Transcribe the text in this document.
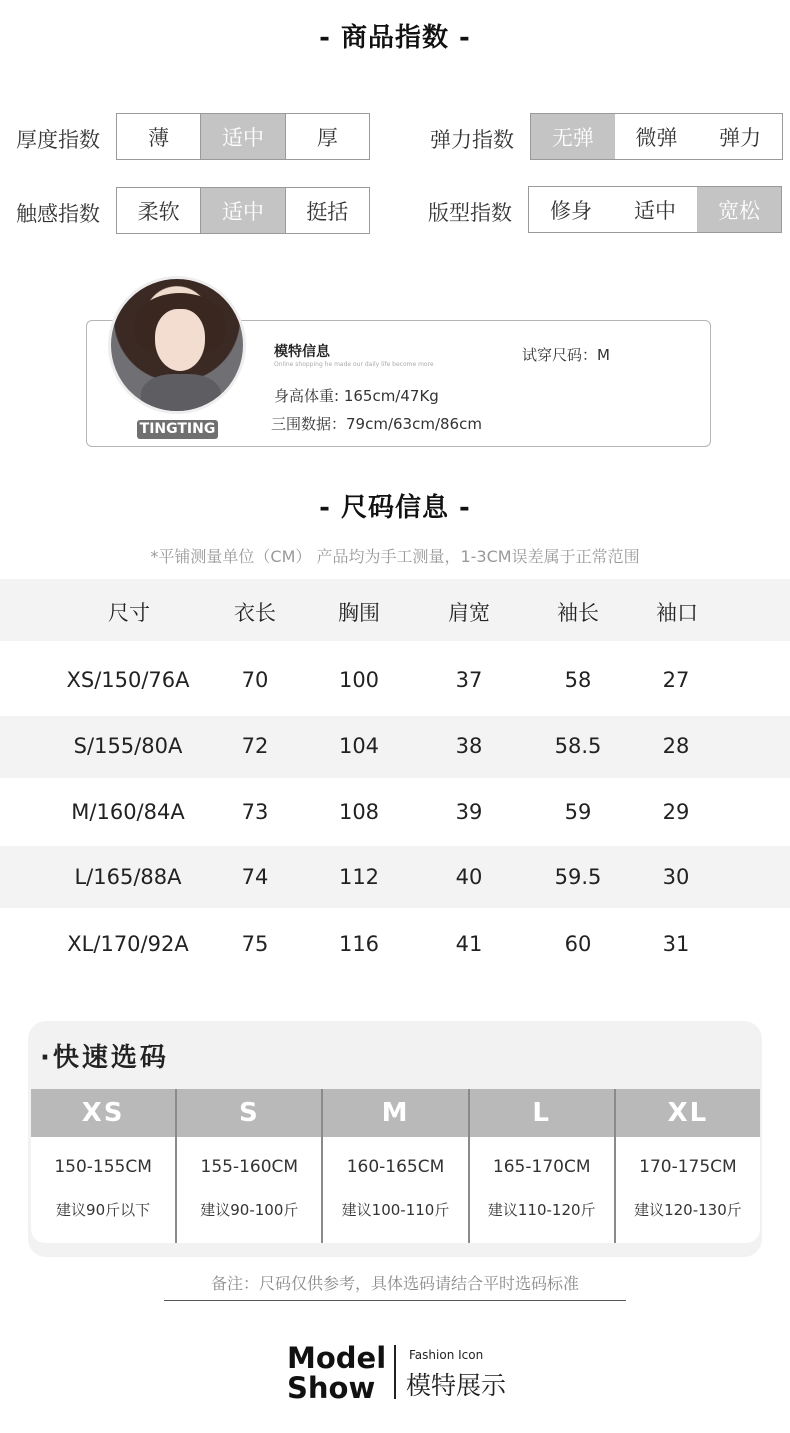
- 商品指数 -
厚度指数	薄	适中	厚	弹力指数	无弹	微弹	弹力
触感指数	柔软	适中	挺括	版型指数	修身	适中	宽松
TINGTING
模特信息
Online shopping he made our daily life become more
试穿尺码：M
身高体重: 165cm/47Kg
三围数据：79cm/63cm/86cm
- 尺码信息 -
*平铺测量单位（CM） 产品均为手工测量，1-3CM误差属于正常范围
尺寸	衣长	胸围	肩宽	袖长	袖口
XS/150/76A 70	100	37	58	27
S/155/80A	72	104	38	58.5	28
M/160/84A	73	108	39	59	29
L/165/88A	74	112	40	59.5	30
XL/170/92A	75	116	41	60	31
·快速选码
XS
150-155CM
建议90斤以下
S
155-160CM
建议90-100斤
M
160-165CM
建议100-110斤
L
165-170CM
建议110-120斤
XL
170-175CM
建议120-130斤
备注：尺码仅供参考，具体选码请结合平时选码标准
Model
Show
Fashion Icon
模特展示
